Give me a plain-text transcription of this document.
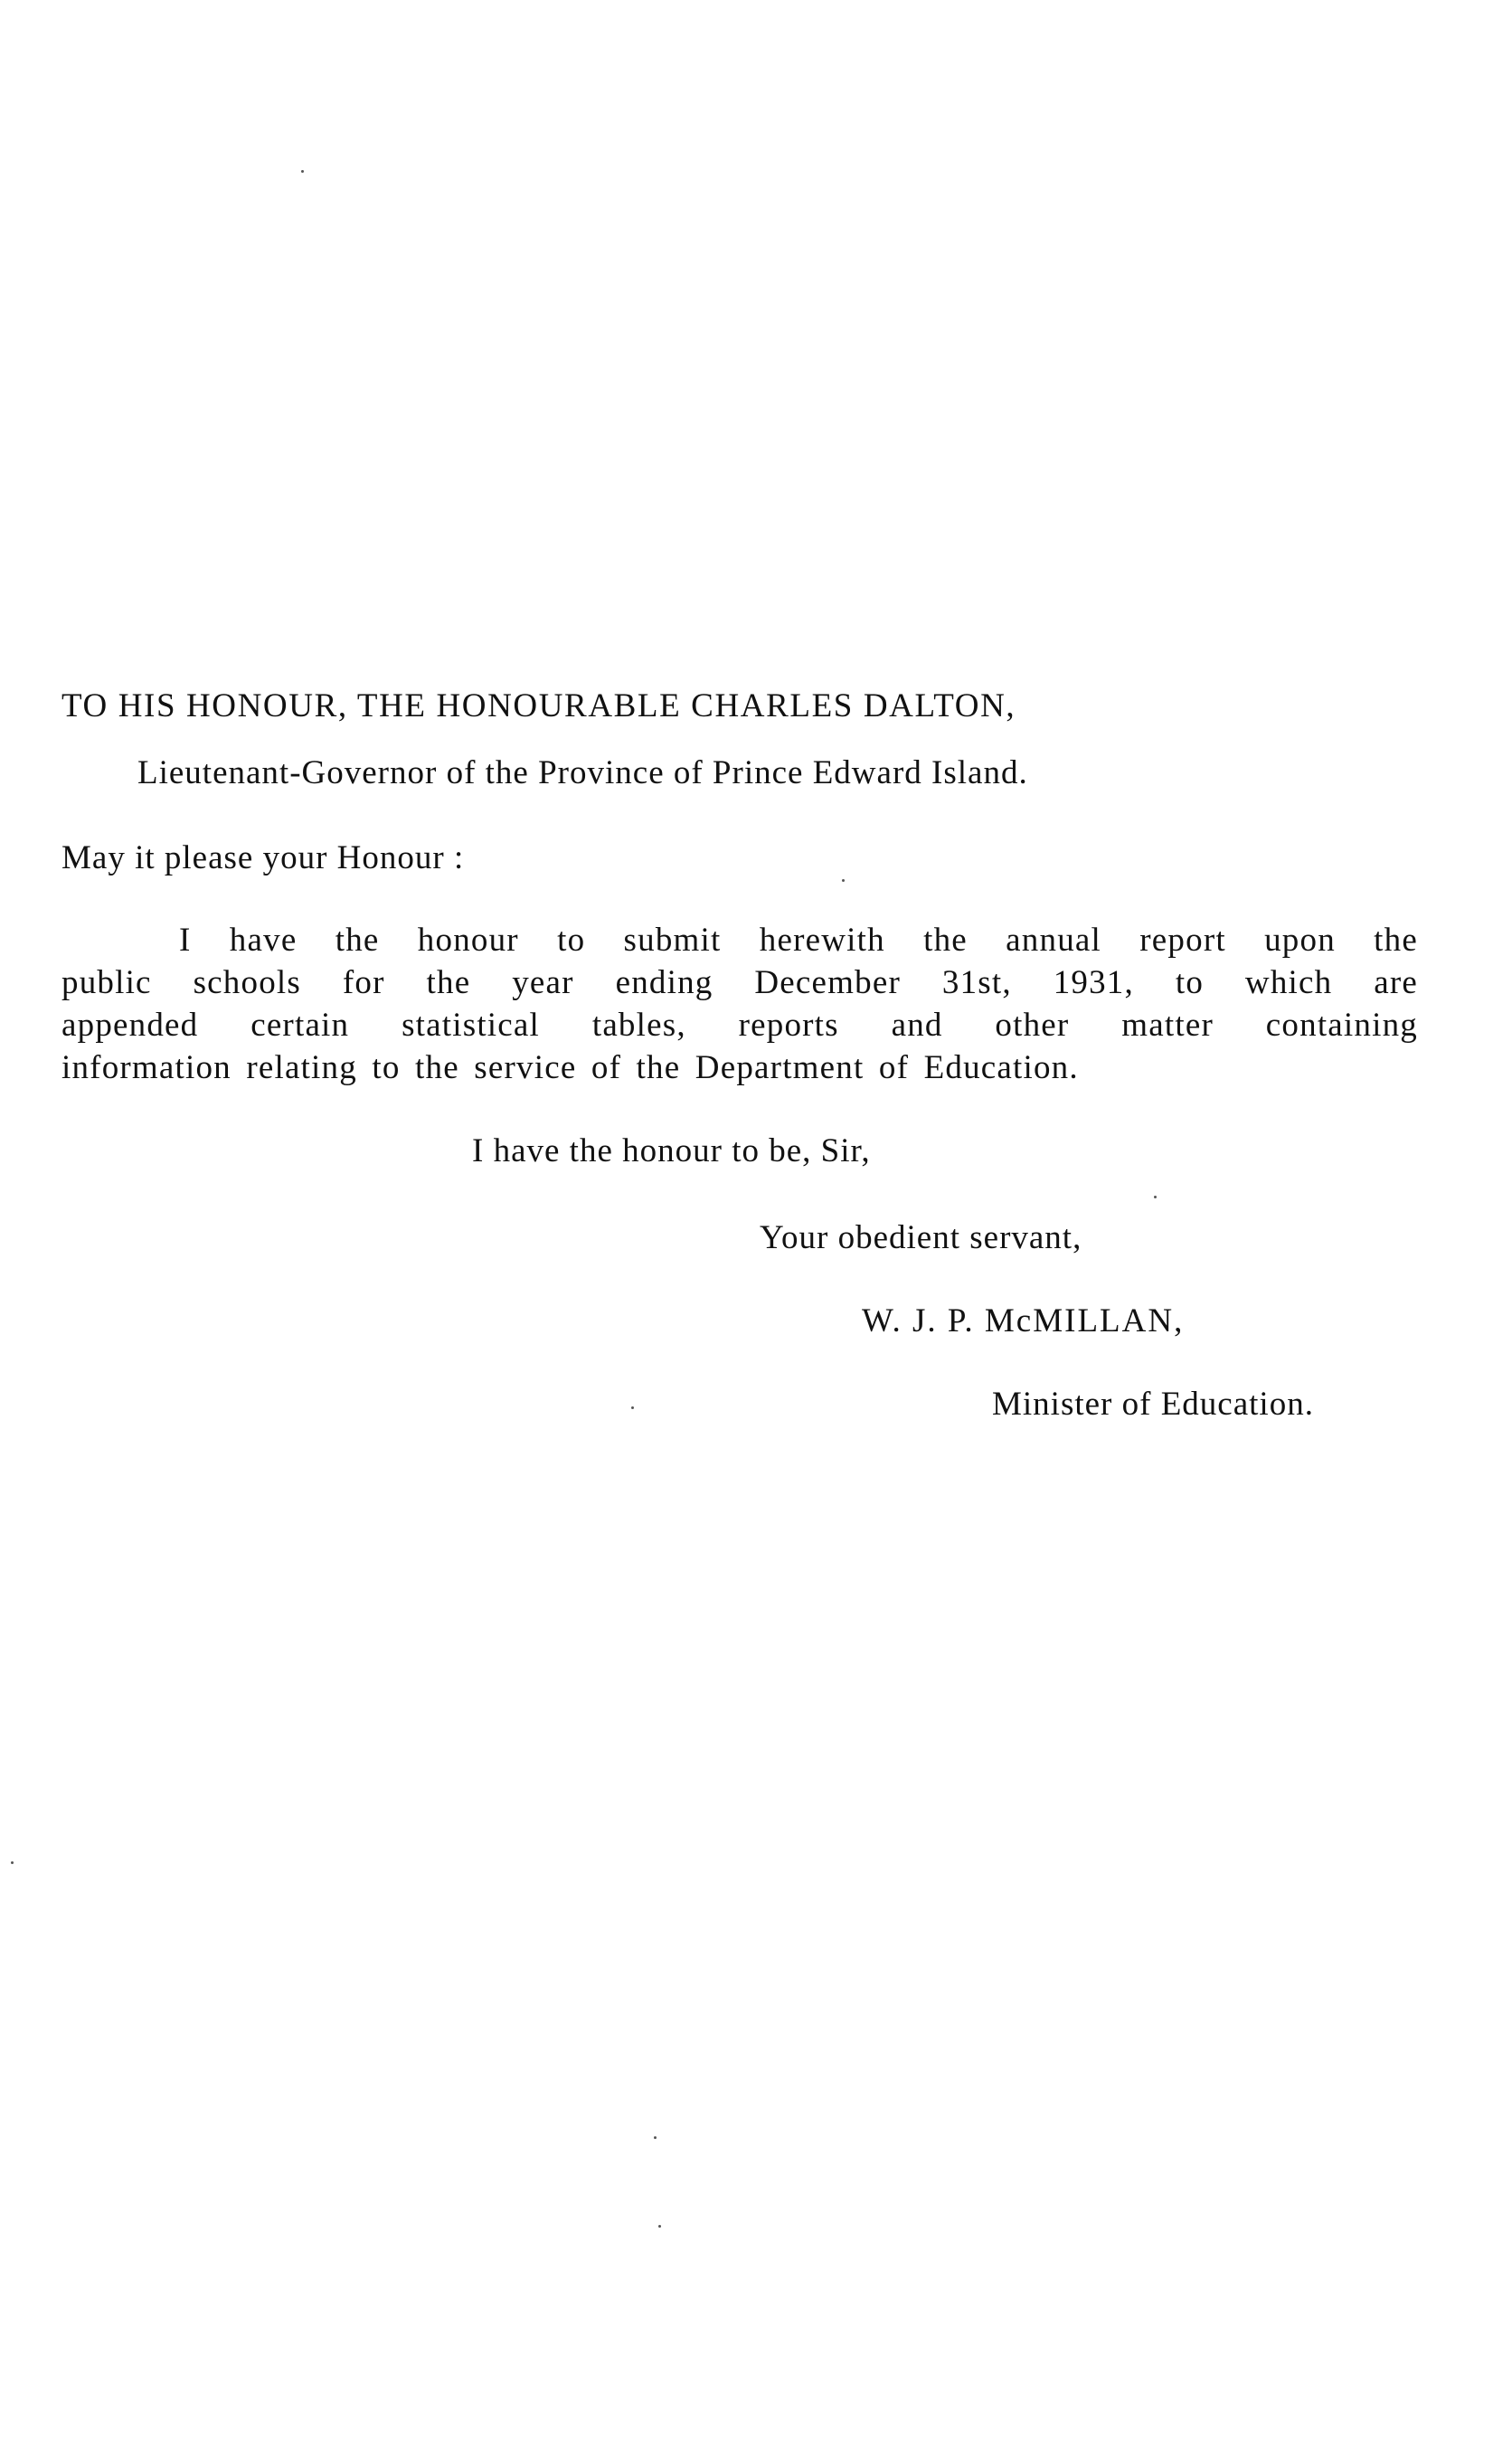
TO HIS HONOUR, THE HONOURABLE CHARLES DALTON,
Lieutenant-Governor of the Province of Prince Edward Island.
May it please your Honour :
I have the honour to submit herewith the annual report upon the
public schools for the year ending December 31st, 1931, to which are
appended certain statistical tables, reports and other matter containing
information relating to the service of the Department of Education.
I have the honour to be, Sir,
Your obedient servant,
W. J. P. McMILLAN,
Minister of Education.
